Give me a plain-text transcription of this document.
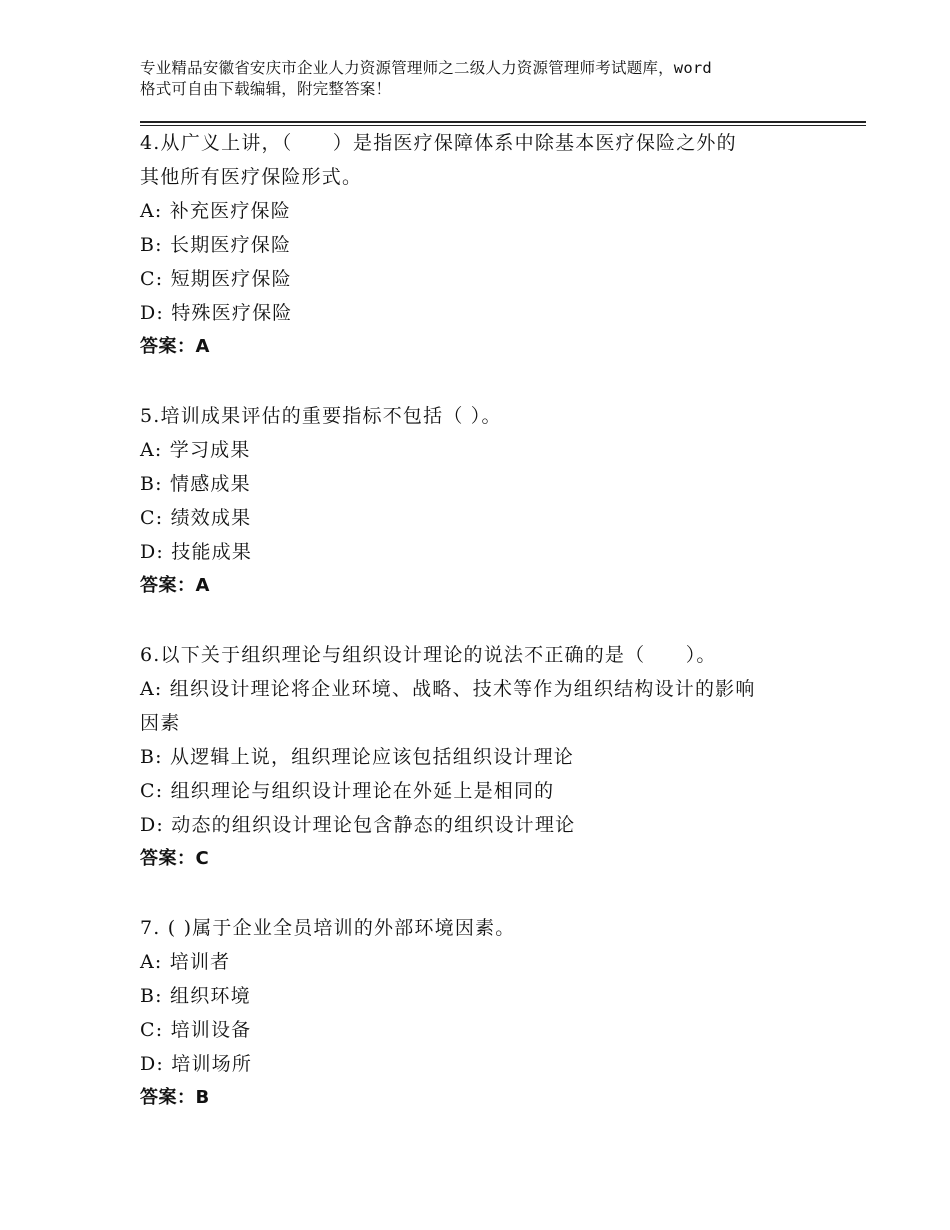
专业精品安徽省安庆市企业人力资源管理师之二级人力资源管理师考试题库，word
格式可自由下载编辑，附完整答案！
4.从广义上讲，（　　）是指医疗保障体系中除基本医疗保险之外的
其他所有医疗保险形式。
A: 补充医疗保险
B: 长期医疗保险
C: 短期医疗保险
D: 特殊医疗保险
答案：A
5.培训成果评估的重要指标不包括（ ）。
A: 学习成果
B: 情感成果
C: 绩效成果
D: 技能成果
答案：A
6.以下关于组织理论与组织设计理论的说法不正确的是（　　）。
A: 组织设计理论将企业环境、战略、技术等作为组织结构设计的影响
因素
B: 从逻辑上说，组织理论应该包括组织设计理论
C: 组织理论与组织设计理论在外延上是相同的
D: 动态的组织设计理论包含静态的组织设计理论
答案：C
7. ( )属于企业全员培训的外部环境因素。
A: 培训者
B: 组织环境
C: 培训设备
D: 培训场所
答案：B
